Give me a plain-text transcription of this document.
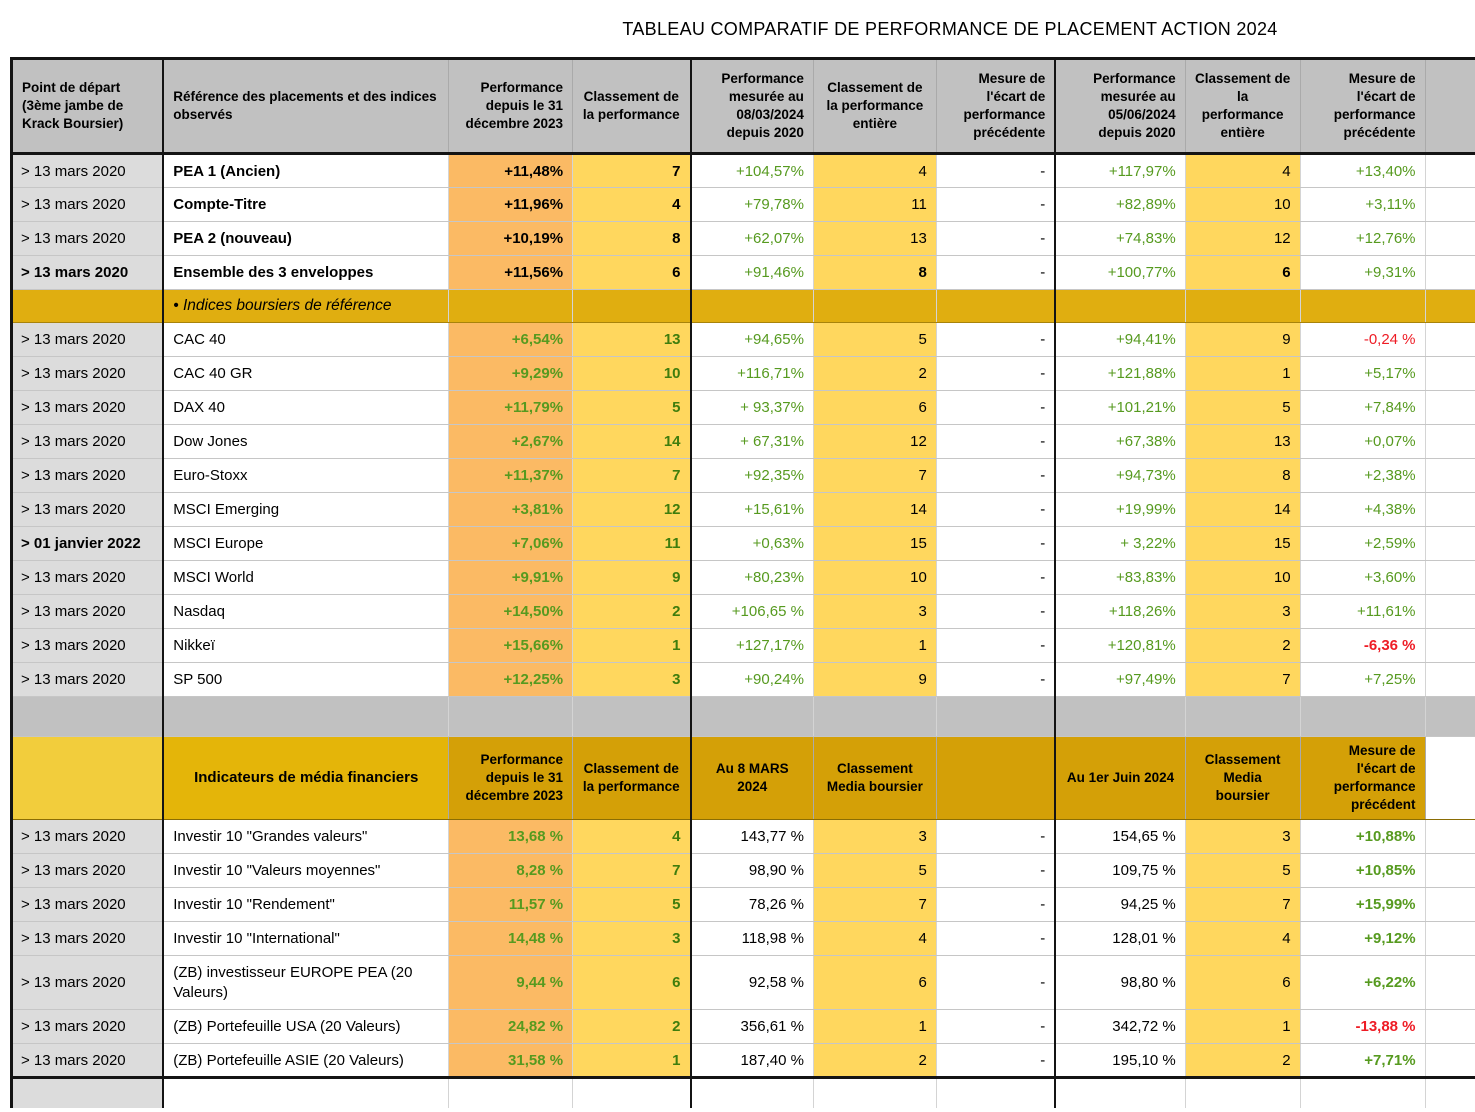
TABLEAU COMPARATIF DE PERFORMANCE DE PLACEMENT ACTION 2024
Point de départ (3ème jambe de Krack Boursier)	Référence des placements et des indices observés	Performance depuis le 31 décembre 2023	Classement de la performance	Performance mesurée au 08/03/2024 depuis 2020	Classement de la performance entière	Mesure de l'écart de performance précédente	Performance mesurée au 05/06/2024 depuis 2020	Classement de la performance entière	Mesure de l'écart de performance précédente	
> 13 mars 2020	PEA 1 (Ancien)	+11,48%	7	+104,57%	4	-	+117,97%	4	+13,40%	
> 13 mars 2020	Compte-Titre	+11,96%	4	+79,78%	11	-	+82,89%	10	+3,11%	
> 13 mars 2020	PEA 2 (nouveau)	+10,19%	8	+62,07%	13	-	+74,83%	12	+12,76%	
> 13 mars 2020	Ensemble des 3 enveloppes	+11,56%	6	+91,46%	8	-	+100,77%	6	+9,31%	
	• Indices boursiers de référence									
> 13 mars 2020	CAC 40	+6,54%	13	+94,65%	5	-	+94,41%	9	-0,24 %	
> 13 mars 2020	CAC 40 GR	+9,29%	10	+116,71%	2	-	+121,88%	1	+5,17%	
> 13 mars 2020	DAX 40	+11,79%	5	+ 93,37%	6	-	+101,21%	5	+7,84%	
> 13 mars 2020	Dow Jones	+2,67%	14	+ 67,31%	12	-	+67,38%	13	+0,07%	
> 13 mars 2020	Euro-Stoxx	+11,37%	7	+92,35%	7	-	+94,73%	8	+2,38%	
> 13 mars 2020	MSCI Emerging	+3,81%	12	+15,61%	14	-	+19,99%	14	+4,38%	
> 01 janvier 2022	MSCI Europe	+7,06%	11	+0,63%	15	-	+ 3,22%	15	+2,59%	
> 13 mars 2020	MSCI World	+9,91%	9	+80,23%	10	-	+83,83%	10	+3,60%	
> 13 mars 2020	Nasdaq	+14,50%	2	+106,65 %	3	-	+118,26%	3	+11,61%	
> 13 mars 2020	Nikkeï	+15,66%	1	+127,17%	1	-	+120,81%	2	-6,36 %	
> 13 mars 2020	SP 500	+12,25%	3	+90,24%	9	-	+97,49%	7	+7,25%	

	Indicateurs de média financiers	Performance depuis le 31 décembre 2023	Classement de la performance	Au 8 MARS 2024	Classement Media boursier		Au 1er Juin 2024	Classement Media boursier	Mesure de l'écart de performance précédent	
> 13 mars 2020	Investir 10 "Grandes valeurs"	13,68 %	4	143,77 %	3	-	154,65 %	3	+10,88%	
> 13 mars 2020	Investir 10 "Valeurs moyennes"	8,28 %	7	98,90 %	5	-	109,75 %	5	+10,85%	
> 13 mars 2020	Investir 10 "Rendement"	11,57 %	5	78,26 %	7	-	94,25 %	7	+15,99%	
> 13 mars 2020	Investir 10 "International"	14,48 %	3	118,98 %	4	-	128,01 %	4	+9,12%	
> 13 mars 2020	(ZB) investisseur EUROPE PEA (20 Valeurs)	9,44 %	6	92,58 %	6	-	98,80 %	6	+6,22%	
> 13 mars 2020	(ZB) Portefeuille USA (20 Valeurs)	24,82 %	2	356,61 %	1	-	342,72 %	1	-13,88 %	
> 13 mars 2020	(ZB) Portefeuille ASIE (20 Valeurs)	31,58 %	1	187,40 %	2	-	195,10 %	2	+7,71%	
